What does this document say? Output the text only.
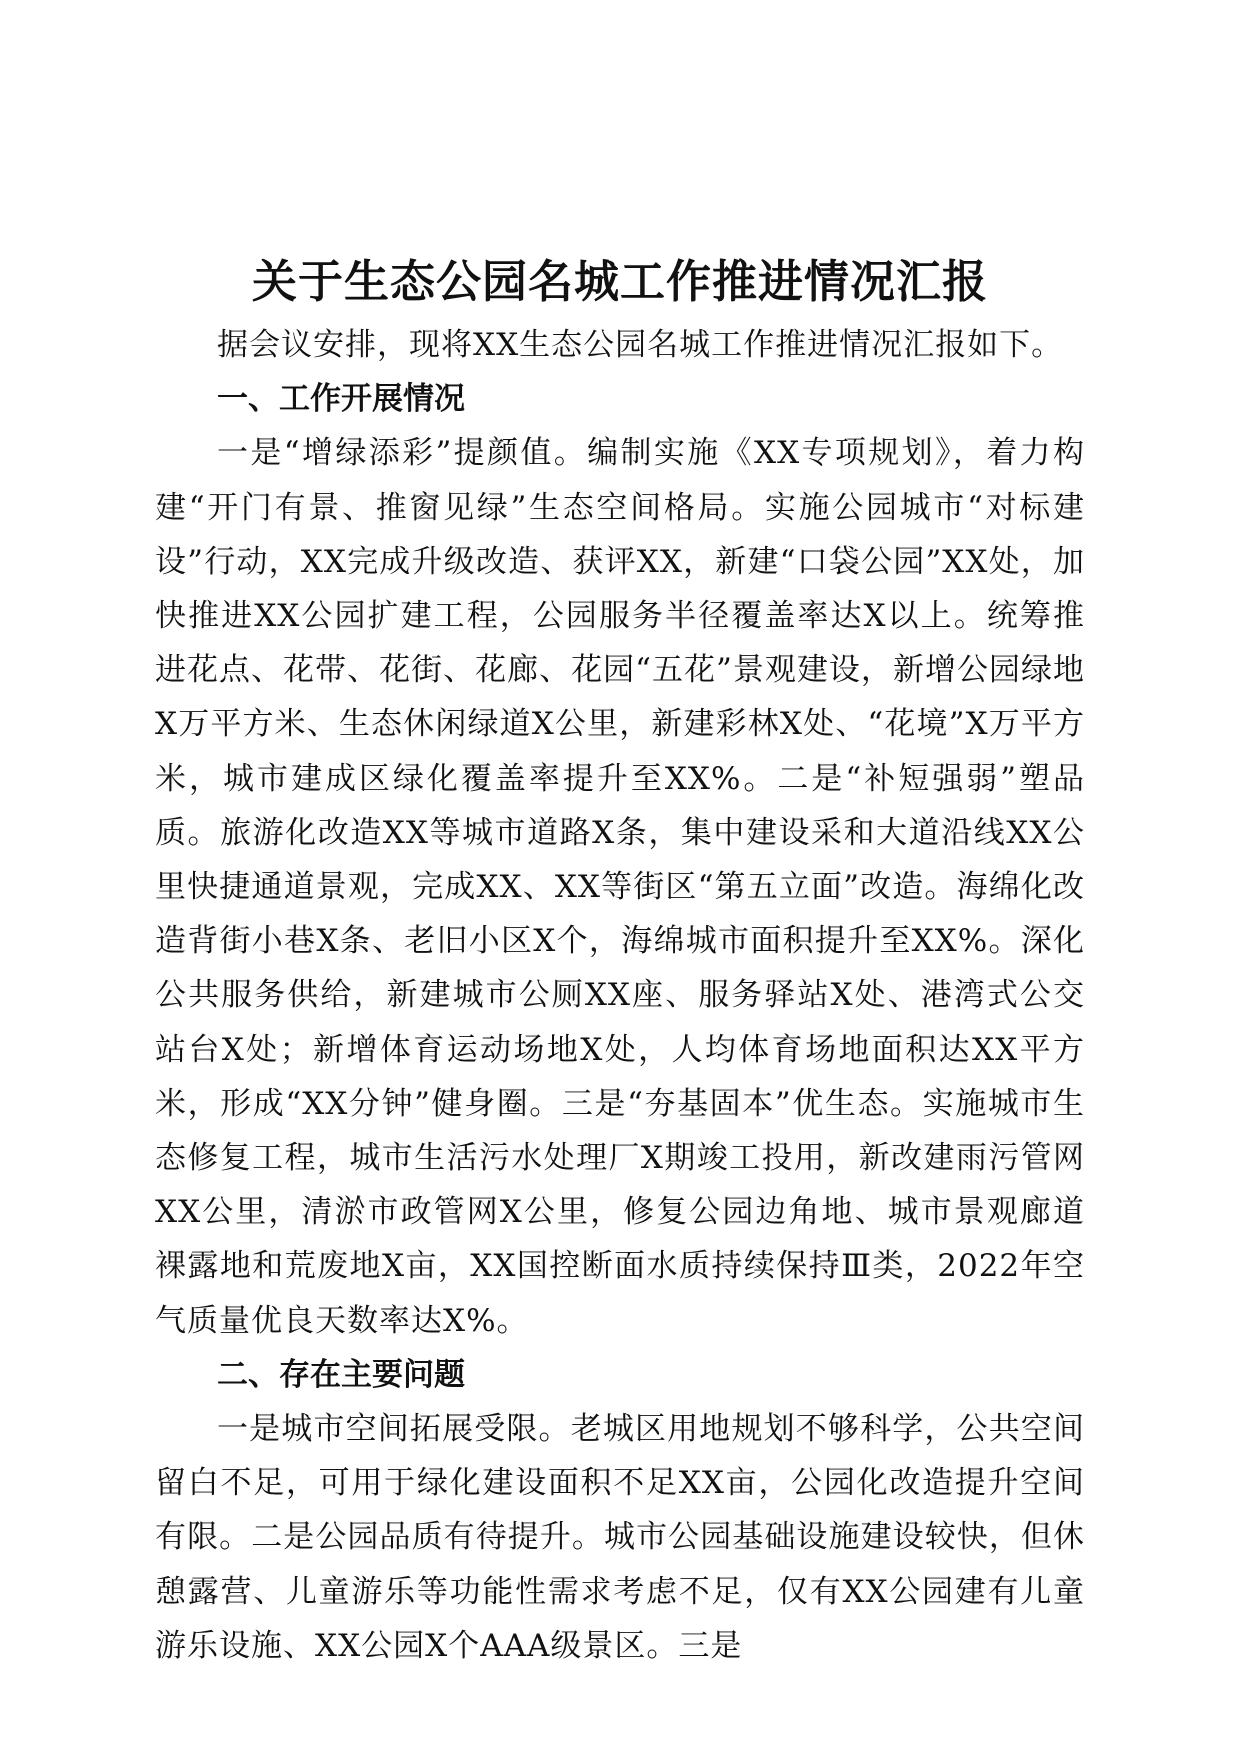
关于生态公园名城工作推进情况汇报

据会议安排，现将XX生态公园名城工作推进情况汇报如下。

一、工作开展情况

一是“增绿添彩”提颜值。编制实施《XX专项规划》，着力构建“开门有景、推窗见绿”生态空间格局。实施公园城市“对标建设”行动，XX完成升级改造、获评XX，新建“口袋公园”XX处，加快推进XX公园扩建工程，公园服务半径覆盖率达X以上。统筹推进花点、花带、花街、花廊、花园“五花”景观建设，新增公园绿地X万平方米、生态休闲绿道X公里，新建彩林X处、“花境”X万平方米，城市建成区绿化覆盖率提升至XX%。二是“补短强弱”塑品质。旅游化改造XX等城市道路X条，集中建设采和大道沿线XX公里快捷通道景观，完成XX、XX等街区“第五立面”改造。海绵化改造背街小巷X条、老旧小区X个，海绵城市面积提升至XX%。深化公共服务供给，新建城市公厕XX座、服务驿站X处、港湾式公交站台X处；新增体育运动场地X处，人均体育场地面积达XX平方米，形成“XX分钟”健身圈。三是“夯基固本”优生态。实施城市生态修复工程，城市生活污水处理厂X期竣工投用，新改建雨污管网XX公里，清淤市政管网X公里，修复公园边角地、城市景观廊道裸露地和荒废地X亩，XX国控断面水质持续保持Ⅲ类，2022年空气质量优良天数率达X%。

二、存在主要问题

一是城市空间拓展受限。老城区用地规划不够科学，公共空间留白不足，可用于绿化建设面积不足XX亩，公园化改造提升空间有限。二是公园品质有待提升。城市公园基础设施建设较快，但休憩露营、儿童游乐等功能性需求考虑不足，仅有XX公园建有儿童游乐设施、XX公园X个AAA级景区。三是
